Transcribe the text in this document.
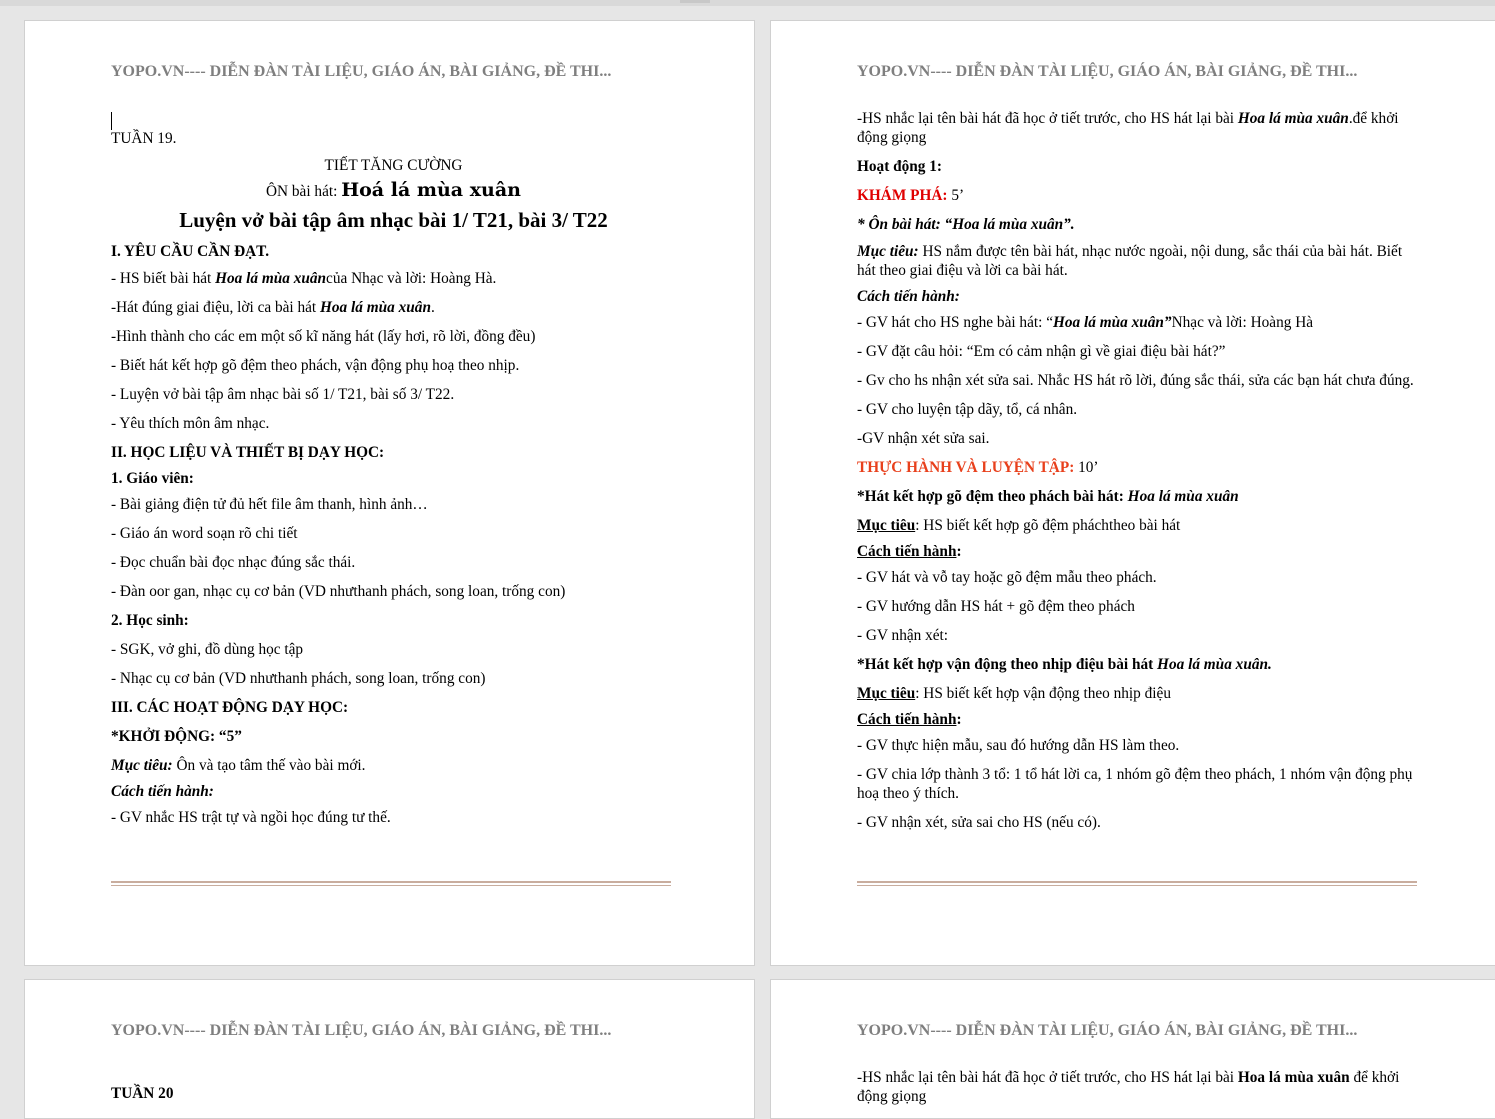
YOPO.VN---- DIỄN ĐÀN TÀI LIỆU, GIÁO ÁN, BÀI GIẢNG, ĐỀ THI...

TUẦN 19.

TIẾT TĂNG CƯỜNG

ÔN bài hát: Hoá lá mùa xuân

Luyện vở bài tập âm nhạc bài 1/ T21, bài 3/ T22

I. YÊU CẦU CẦN ĐẠT.

- HS biết bài hát Hoa lá mùa xuâncủa Nhạc và lời: Hoàng Hà.

-Hát đúng giai điệu, lời ca bài hát Hoa lá mùa xuân.

-Hình thành cho các em một số kĩ năng hát (lấy hơi, rõ lời, đồng đều)

- Biết hát kết hợp gõ đệm theo phách, vận động phụ hoạ theo nhịp.

- Luyện vở bài tập âm nhạc bài số 1/ T21, bài số 3/ T22.

- Yêu thích môn âm nhạc.

II. HỌC LIỆU VÀ THIẾT BỊ DẠY HỌC:

1. Giáo viên:

- Bài giảng điện tử đủ hết file âm thanh, hình ảnh…

- Giáo án word soạn rõ chi tiết

- Đọc chuẩn bài đọc nhạc đúng sắc thái.

- Đàn oor gan, nhạc cụ cơ bản (VD nhưthanh phách, song loan, trống con)

2. Học sinh:

- SGK, vở ghi, đồ dùng học tập

- Nhạc cụ cơ bản (VD nhưthanh phách, song loan, trống con)

III. CÁC HOẠT ĐỘNG DẠY HỌC:

*KHỞI ĐỘNG: “5”

Mục tiêu: Ôn và tạo tâm thế vào bài mới.

Cách tiến hành:

- GV nhắc HS trật tự và ngồi học đúng tư thế.

YOPO.VN---- DIỄN ĐÀN TÀI LIỆU, GIÁO ÁN, BÀI GIẢNG, ĐỀ THI...

-HS nhắc lại tên bài hát đã học ở tiết trước, cho HS hát lại bài Hoa lá mùa xuân.để khởi động giọng

Hoạt động 1:

KHÁM PHÁ: 5’

* Ôn bài hát: “Hoa lá mùa xuân”.

Mục tiêu: HS nắm được tên bài hát, nhạc nước ngoài, nội dung, sắc thái của bài hát. Biết hát theo giai điệu và lời ca bài hát.

Cách tiến hành:

- GV hát cho HS nghe bài hát: “Hoa lá mùa xuân”Nhạc và lời: Hoàng Hà

- GV đặt câu hỏi: “Em có cảm nhận gì về giai điệu bài hát?”

- Gv cho hs nhận xét sửa sai. Nhắc HS hát rõ lời, đúng sắc thái, sửa các bạn hát chưa đúng.

- GV cho luyện tập dãy, tổ, cá nhân.

-GV nhận xét sửa sai.

THỰC HÀNH VÀ LUYỆN TẬP: 10’

*Hát kết hợp gõ đệm theo phách bài hát: Hoa lá mùa xuân

Mục tiêu: HS biết kết hợp gõ đệm pháchtheo bài hát

Cách tiến hành:

- GV hát và vỗ tay hoặc gõ đệm mẫu theo phách.

- GV hướng dẫn HS hát + gõ đệm theo phách

- GV nhận xét:

*Hát kết hợp vận động theo nhịp điệu bài hát Hoa lá mùa xuân.

Mục tiêu: HS biết kết hợp vận động theo nhịp điệu

Cách tiến hành:

- GV thực hiện mẫu, sau đó hướng dẫn HS làm theo.

- GV chia lớp thành 3 tổ: 1 tổ hát lời ca, 1 nhóm gõ đệm theo phách, 1 nhóm vận động phụ hoạ theo ý thích.

- GV nhận xét, sửa sai cho HS (nếu có).

YOPO.VN---- DIỄN ĐÀN TÀI LIỆU, GIÁO ÁN, BÀI GIẢNG, ĐỀ THI...

TUẦN 20

YOPO.VN---- DIỄN ĐÀN TÀI LIỆU, GIÁO ÁN, BÀI GIẢNG, ĐỀ THI...

-HS nhắc lại tên bài hát đã học ở tiết trước, cho HS hát lại bài Hoa lá mùa xuân để khởi động giọng
